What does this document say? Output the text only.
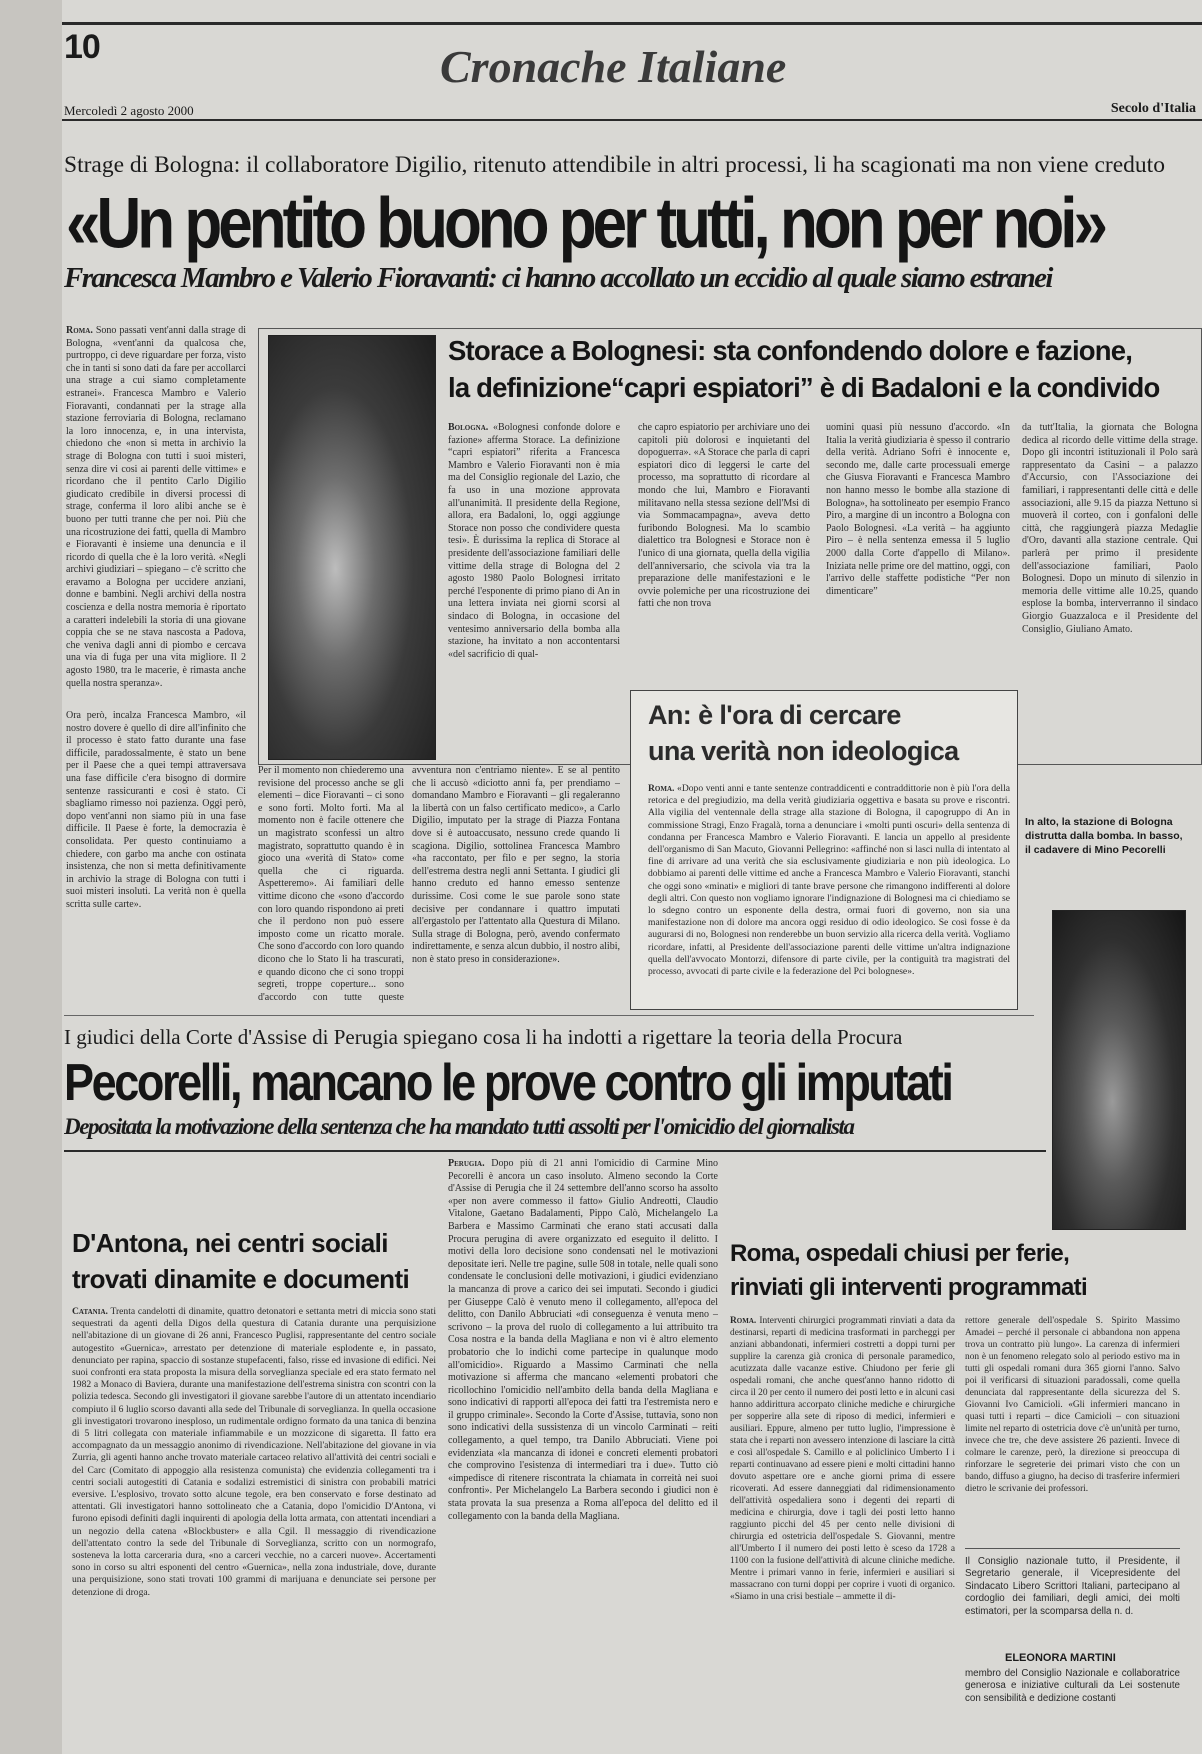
10	Cronache Italiane
Mercoledì 2 agosto 2000	Secolo d'Italia
Strage di Bologna: il collaboratore Digilio, ritenuto attendibile in altri processi, li ha scagionati ma non viene creduto
«Un pentito buono per tutti, non per noi»
Francesca Mambro e Valerio Fioravanti: ci hanno accollato un eccidio al quale siamo estranei

Roma. Sono passati vent'anni dalla strage di Bologna, «vent'anni da qualcosa che, purtroppo, ci deve riguardare per forza, visto che in tanti si sono dati da fare per accollarci una strage a cui siamo completamente estranei». Francesca Mambro e Valerio Fioravanti, condannati per la strage alla stazione ferroviaria di Bologna, reclamano la loro innocenza, e, in una intervista, chiedono che «non si metta in archivio la strage di Bologna con tutti i suoi misteri, senza dire vi cosi ai parenti delle vittime» e ricordano che il pentito Carlo Digilio giudicato credibile in diversi processi di strage, conferma il loro alibi anche se è buono per tutti tranne che per noi. Più che una ricostruzione dei fatti, quella di Mambro e Fioravanti è insieme una denuncia e il ricordo di quella che è la loro verità. «Negli archivi giudiziari – spiegano – c'è scritto che eravamo a Bologna per uccidere anziani, donne e bambini. Negli archivi della nostra coscienza e della nostra memoria è riportato a caratteri indelebili la storia di una giovane coppia che se ne stava nascosta a Padova, che veniva dagli anni di piombo e cercava una via di fuga per una vita migliore. Il 2 agosto 1980, tra le macerie, è rimasta anche quella nostra speranza».

Ora però, incalza Francesca Mambro, «il nostro dovere è quello di dire all'infinito che il processo è stato fatto durante una fase difficile, paradossalmente, è stato un bene per il Paese che a quei tempi attraversava una fase difficile c'era bisogno di dormire sentenze rassicuranti e così è stato. Ci sbagliamo rimesso noi pazienza. Oggi però, dopo vent'anni non siamo più in una fase difficile. Il Paese è forte, la democrazia è consolidata. Per questo continuiamo a chiedere, con garbo ma anche con ostinata insistenza, che non si metta definitivamente in archivio la strage di Bologna con tutti i suoi misteri insoluti. La verità non è quella scritta sulle carte».

Per il momento non chiederemo una revisione del processo anche se gli elementi – dice Fioravanti – ci sono e sono forti. Molto forti. Ma al momento non è facile ottenere che un magistrato sconfessi un altro magistrato, soprattutto quando è in gioco una «verità di Stato» come quella che ci riguarda. Aspetteremo». Ai familiari delle vittime dicono che «sono d'accordo con loro quando rispondono ai preti che il perdono non può essere imposto come un ricatto morale. Che sono d'accordo con loro quando dicono che lo Stato li ha trascurati, e quando dicono che ci sono troppi segreti, troppe coperture... sono d'accordo con tutte queste

avventura non c'entriamo niente». E se al pentito che li accusò «diciotto anni fa, per prendiamo – domandano Mambro e Fioravanti – gli regaleranno la libertà con un falso certificato medico», a Carlo Digilio, imputato per la strage di Piazza Fontana dove si è autoaccusato, nessuno crede quando li scagiona. Digilio, sottolinea Francesca Mambro «ha raccontato, per filo e per segno, la storia dell'estrema destra negli anni Settanta. I giudici gli hanno creduto ed hanno emesso sentenze durissime. Così come le sue parole sono state decisive per condannare i quattro imputati all'ergastolo per l'attentato alla Questura di Milano. Sulla strage di Bologna, però, avendo confermato indirettamente, e senza alcun dubbio, il nostro alibi, non è stato preso in considerazione».

Storace a Bolognesi: sta confondendo dolore e fazione,
la definizione“capri espiatori” è di Badaloni e la condivido

Bologna. «Bolognesi confonde dolore e fazione» afferma Storace. La definizione “capri espiatori” riferita a Francesca Mambro e Valerio Fioravanti non è mia ma del Consiglio regionale del Lazio, che fa uso in una mozione approvata all'unanimità. Il presidente della Regione, allora, era Badaloni, lo, oggi aggiunge Storace non posso che condividere questa tesi». È durissima la replica di Storace al presidente dell'associazione familiari delle vittime della strage di Bologna del 2 agosto 1980 Paolo Bolognesi irritato perché l'esponente di primo piano di An in una lettera inviata nei giorni scorsi al sindaco di Bologna, in occasione del ventesimo anniversario della bomba alla stazione, ha invitato a non accontentarsi «del sacrificio di qual-

che capro espiatorio per archiviare uno dei capitoli più dolorosi e inquietanti del dopoguerra». «A Storace che parla di capri espiatori dico di leggersi le carte del processo, ma soprattutto di ricordare al mondo che lui, Mambro e Fioravanti militavano nella stessa sezione dell'Msi di via Sommacampagna», aveva detto furibondo Bolognesi. Ma lo scambio dialettico tra Bolognesi e Storace non è l'unico di una giornata, quella della vigilia dell'anniversario, che scivola via tra la preparazione delle manifestazioni e le ovvie polemiche per una ricostruzione dei fatti che non trova

uomini quasi più nessuno d'accordo. «In Italia la verità giudiziaria è spesso il contrario della verità. Adriano Sofri è innocente e, secondo me, dalle carte processuali emerge che Giusva Fioravanti e Francesca Mambro non hanno messo le bombe alla stazione di Bologna», ha sottolineato per esempio Franco Piro, a margine di un incontro a Bologna con Paolo Bolognesi. «La verità – ha aggiunto Piro – è nella sentenza emessa il 5 luglio 2000 dalla Corte d'appello di Milano». Iniziata nelle prime ore del mattino, oggi, con l'arrivo delle staffette podistiche “Per non dimenticare”

da tutt'Italia, la giornata che Bologna dedica al ricordo delle vittime della strage. Dopo gli incontri istituzionali il Polo sarà rappresentato da Casini – a palazzo d'Accursio, con l'Associazione dei familiari, i rappresentanti delle città e delle associazioni, alle 9.15 da piazza Nettuno si muoverà il corteo, con i gonfaloni delle città, che raggiungerà piazza Medaglie d'Oro, davanti alla stazione centrale. Qui parlerà per primo il presidente dell'associazione familiari, Paolo Bolognesi. Dopo un minuto di silenzio in memoria delle vittime alle 10.25, quando esplose la bomba, interverranno il sindaco Giorgio Guazzaloca e il Presidente del Consiglio, Giuliano Amato.

An: è l'ora di cercare
una verità non ideologica

Roma. «Dopo venti anni e tante sentenze contraddicenti e contraddittorie non è più l'ora della retorica e del pregiudizio, ma della verità giudiziaria oggettiva e basata su prove e riscontri. Alla vigilia del ventennale della strage alla stazione di Bologna, il capogruppo di An in commissione Stragi, Enzo Fragalà, torna a denunciare i «molti punti oscuri» della sentenza di condanna per Francesca Mambro e Valerio Fioravanti. E lancia un appello al presidente dell'organismo di San Macuto, Giovanni Pellegrino: «affinché non si lasci nulla di intentato al fine di arrivare ad una verità che sia esclusivamente giudiziaria e non più ideologica. Lo dobbiamo ai parenti delle vittime ed anche a Francesca Mambro e Valerio Fioravanti, stanchi che oggi sono «minati» e migliori di tante brave persone che rimangono indifferenti al dolore degli altri. Con questo non vogliamo ignorare l'indignazione di Bolognesi ma ci chiediamo se lo sdegno contro un esponente della destra, ormai fuori di governo, non sia una manifestazione non di dolore ma ancora oggi residuo di odio ideologico. Se così fosse è da augurarsi di no, Bolognesi non renderebbe un buon servizio alla ricerca della verità. Vogliamo ricordare, infatti, al Presidente dell'associazione parenti delle vittime un'altra indignazione quella dell'avvocato Montorzi, difensore di parte civile, per la contiguità tra magistrati del processo, avvocati di parte civile e la federazione del Pci bolognese».

In alto, la stazione di Bologna distrutta dalla bomba. In basso, il cadavere di Mino Pecorelli
I giudici della Corte d'Assise di Perugia spiegano cosa li ha indotti a rigettare la teoria della Procura
Pecorelli, mancano le prove contro gli imputati
Depositata la motivazione della sentenza che ha mandato tutti assolti per l'omicidio del giornalista

Perugia. Dopo più di 21 anni l'omicidio di Carmine Mino Pecorelli è ancora un caso insoluto. Almeno secondo la Corte d'Assise di Perugia che il 24 settembre dell'anno scorso ha assolto «per non avere commesso il fatto» Giulio Andreotti, Claudio Vitalone, Gaetano Badalamenti, Pippo Calò, Michelangelo La Barbera e Massimo Carminati che erano stati accusati dalla Procura perugina di avere organizzato ed eseguito il delitto. I motivi della loro decisione sono condensati nel le motivazioni depositate ieri. Nelle tre pagine, sulle 508 in totale, nelle quali sono condensate le conclusioni delle motivazioni, i giudici evidenziano la mancanza di prove a carico dei sei imputati. Secondo i giudici per Giuseppe Calò è venuto meno il collegamento, all'epoca del delitto, con Danilo Abbruciati «di conseguenza è venuta meno – scrivono – la prova del ruolo di collegamento a lui attribuito tra Cosa nostra e la banda della Magliana e non vi è altro elemento probatorio che lo indichi come partecipe in qualunque modo all'omicidio». Riguardo a Massimo Carminati che nella motivazione si afferma che mancano «elementi probatori che ricollochino l'omicidio nell'ambito della banda della Magliana e sono indicativi di rapporti all'epoca dei fatti tra l'estremista nero e il gruppo criminale». Secondo la Corte d'Assise, tuttavia, sono non sono indicativi della sussistenza di un vincolo Carminati – reiti collegamento, a quel tempo, tra Danilo Abbruciati. Viene poi evidenziata «la mancanza di idonei e concreti elementi probatori che comprovino l'esistenza di intermediari tra i due». Tutto ciò «impedisce di ritenere riscontrata la chiamata in correità nei suoi confronti». Per Michelangelo La Barbera secondo i giudici non è stata provata la sua presenza a Roma all'epoca del delitto ed il collegamento con la banda della Magliana.

D'Antona, nei centri sociali
trovati dinamite e documenti

Catania. Trenta candelotti di dinamite, quattro detonatori e settanta metri di miccia sono stati sequestrati da agenti della Digos della questura di Catania durante una perquisizione nell'abitazione di un giovane di 26 anni, Francesco Puglisi, rappresentante del centro sociale autogestito «Guernica», arrestato per detenzione di materiale esplodente e, in passato, denunciato per rapina, spaccio di sostanze stupefacenti, falso, risse ed invasione di edifici. Nei suoi confronti era stata proposta la misura della sorveglianza speciale ed era stato fermato nel 1982 a Monaco di Baviera, durante una manifestazione dell'estrema sinistra con scontri con la polizia tedesca. Secondo gli investigatori il giovane sarebbe l'autore di un attentato incendiario compiuto il 6 luglio scorso davanti alla sede del Tribunale di sorveglianza. In quella occasione gli investigatori trovarono inesploso, un rudimentale ordigno formato da una tanica di benzina di 5 litri collegata con materiale infiammabile e un mozzicone di sigaretta. Il fatto era accompagnato da un messaggio anonimo di rivendicazione. Nell'abitazione del giovane in via Zurria, gli agenti hanno anche trovato materiale cartaceo relativo all'attività dei centri sociali e del Carc (Comitato di appoggio alla resistenza comunista) che evidenzia collegamenti tra i centri sociali autogestiti di Catania e sodalizi estremistici di sinistra con probabili matrici eversive. L'esplosivo, trovato sotto alcune tegole, era ben conservato e forse destinato ad attentati. Gli investigatori hanno sottolineato che a Catania, dopo l'omicidio D'Antona, vi furono episodi definiti dagli inquirenti di apologia della lotta armata, con attentati incendiari a un negozio della catena «Blockbuster» e alla Cgil. Il messaggio di rivendicazione dell'attentato contro la sede del Tribunale di Sorveglianza, scritto con un normografo, sosteneva la lotta carceraria dura, «no a carceri vecchie, no a carceri nuove». Accertamenti sono in corso su altri esponenti del centro «Guernica», nella zona industriale, dove, durante una perquisizione, sono stati trovati 100 grammi di marijuana e denunciate sei persone per detenzione di droga.

Roma, ospedali chiusi per ferie,
rinviati gli interventi programmati

Roma. Interventi chirurgici programmati rinviati a data da destinarsi, reparti di medicina trasformati in parcheggi per anziani abbandonati, infermieri costretti a doppi turni per supplire la carenza già cronica di personale paramedico, acutizzata dalle vacanze estive. Chiudono per ferie gli ospedali romani, che anche quest'anno hanno ridotto di circa il 20 per cento il numero dei posti letto e in alcuni casi hanno addirittura accorpato cliniche mediche e chirurgiche per sopperire alla sete di riposo di medici, infermieri e ausiliari. Eppure, almeno per tutto luglio, l'impressione è stata che i reparti non avessero intenzione di lasciare la città e così all'ospedale S. Camillo e al policlinico Umberto I i reparti continuavano ad essere pieni e molti cittadini hanno dovuto aspettare ore e anche giorni prima di essere ricoverati. Ad essere danneggiati dal ridimensionamento dell'attività ospedaliera sono i degenti dei reparti di medicina e chirurgia, dove i tagli dei posti letto hanno raggiunto picchi del 45 per cento nelle divisioni di chirurgia ed ostetricia dell'ospedale S. Giovanni, mentre all'Umberto I il numero dei posti letto è sceso da 1728 a 1100 con la fusione dell'attività di alcune cliniche mediche. Mentre i primari vanno in ferie, infermieri e ausiliari si massacrano con turni doppi per coprire i vuoti di organico. «Siamo in una crisi bestiale – ammette il di-

rettore generale dell'ospedale S. Spirito Massimo Amadei – perché il personale ci abbandona non appena trova un contratto più lungo». La carenza di infermieri non è un fenomeno relegato solo al periodo estivo ma in tutti gli ospedali romani dura 365 giorni l'anno. Salvo poi il verificarsi di situazioni paradossali, come quella denunciata dal rappresentante della sicurezza del S. Giovanni Ivo Camicioli. «Gli infermieri mancano in quasi tutti i reparti – dice Camicioli – con situazioni limite nel reparto di ostetricia dove c'è un'unità per turno, invece che tre, che deve assistere 26 pazienti. Invece di colmare le carenze, però, la direzione si preoccupa di rinforzare le segreterie dei primari visto che con un bando, diffuso a giugno, ha deciso di trasferire infermieri dietro le scrivanie dei professori.

Il Consiglio nazionale tutto, il Presidente, il Segretario generale, il Vicepresidente del Sindacato Libero Scrittori Italiani, partecipano al cordoglio dei familiari, degli amici, dei molti estimatori, per la scomparsa della n. d.

ELEONORA MARTINI

membro del Consiglio Nazionale e collaboratrice generosa e iniziative culturali da Lei sostenute con sensibilità e dedizione costanti
